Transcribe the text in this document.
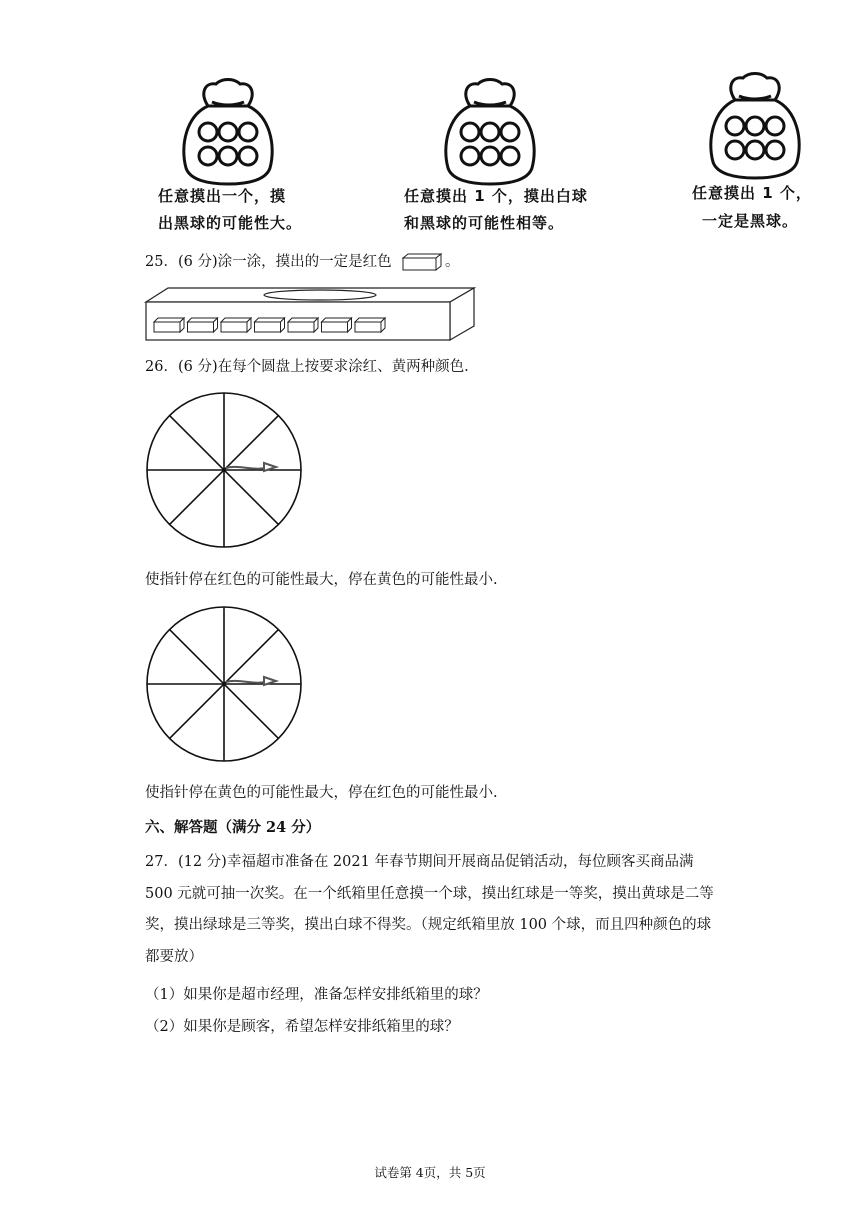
任意摸出一个，摸
出黑球的可能性大。
任意摸出 1 个，摸出白球
和黑球的可能性相等。
任意摸出 1 个，
一定是黑球。
25．(6 分)涂一涂，摸出的一定是红色	。
26．(6 分)在每个圆盘上按要求涂红、黄两种颜色.
使指针停在红色的可能性最大，停在黄色的可能性最小.
使指针停在黄色的可能性最大，停在红色的可能性最小.
六、解答题（满分 24 分）
27．(12 分)幸福超市准备在 2021 年春节期间开展商品促销活动，每位顾客买商品满 500 元就可抽一次奖。在一个纸箱里任意摸一个球，摸出红球是一等奖，摸出黄球是二等奖，摸出绿球是三等奖，摸出白球不得奖。（规定纸箱里放 100 个球，而且四种颜色的球都要放）
（1）如果你是超市经理，准备怎样安排纸箱里的球？
（2）如果你是顾客，希望怎样安排纸箱里的球？
试卷第 4页，共 5页
